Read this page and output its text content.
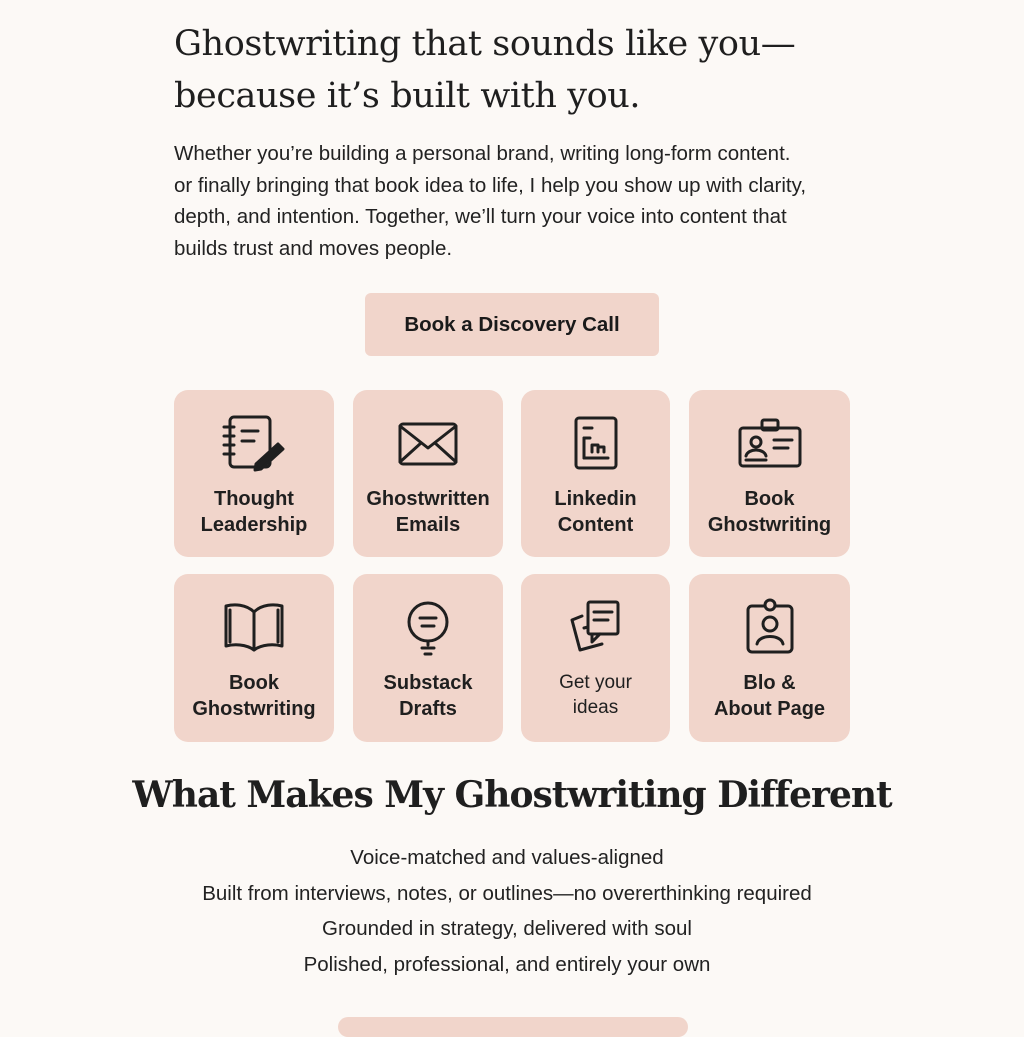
Ghostwriting that sounds like you—
because it’s built with you.

Whether you’re building a personal brand, writing long-form content.
or finally bringing that book idea to life, I help you show up with clarity,
depth, and intention. Together, we’ll turn your voice into content that
builds trust and moves people.

Book a Discovery Call
Thought
Leadership
Ghostwritten
Emails
Linkedin
Content
Book
Ghostwriting
Book
Ghostwriting
Substack
Drafts
Get your
ideas
Blo &
About Page
What Makes My Ghostwriting Different
Voice-matched and values-aligned
Built from interviews, notes, or outlines—no overerthinking required
Grounded in strategy, delivered with soul
Polished, professional, and entirely your own
